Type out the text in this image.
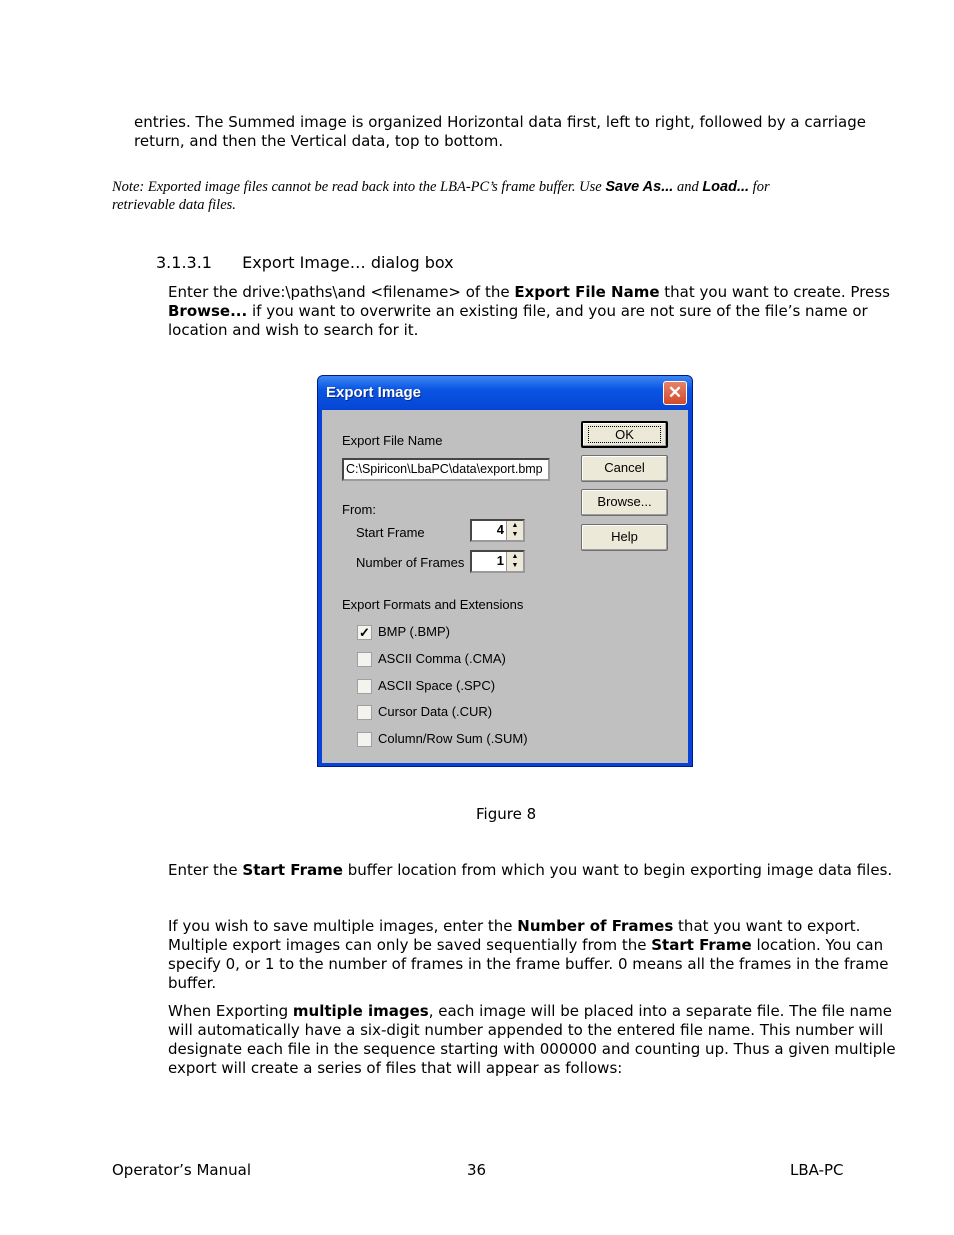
entries. The Summed image is organized Horizontal data first, left to right, followed by a carriage

return, and then the Vertical data, top to bottom.

Note: Exported image files cannot be read back into the LBA-PC’s frame buffer. Use Save As... and Load... for

retrievable data files.

3.1.3.1 Export Image… dialog box

Enter the drive:\paths\and <filename> of the Export File Name that you want to create. Press

Browse... if you want to overwrite an existing file, and you are not sure of the file’s name or

location and wish to search for it.

Export Image	✕
Export File Name
C:\Spiricon\LbaPC\data\export.bmp
From:
Start Frame	4	▲
▼
Number of Frames 1	▲
▼
Export Formats and Extensions
✓ BMP (.BMP)
ASCII Comma (.CMA)
ASCII Space (.SPC)
Cursor Data (.CUR)
Column/Row Sum (.SUM)
OK
Cancel
Browse...
Help
Figure 8

Enter the Start Frame buffer location from which you want to begin exporting image data files.

If you wish to save multiple images, enter the Number of Frames that you want to export.

Multiple export images can only be saved sequentially from the Start Frame location. You can

specify 0, or 1 to the number of frames in the frame buffer. 0 means all the frames in the frame

buffer.

When Exporting multiple images, each image will be placed into a separate file. The file name

will automatically have a six-digit number appended to the entered file name. This number will

designate each file in the sequence starting with 000000 and counting up. Thus a given multiple

export will create a series of files that will appear as follows:

Operator’s Manual	36	LBA-PC
